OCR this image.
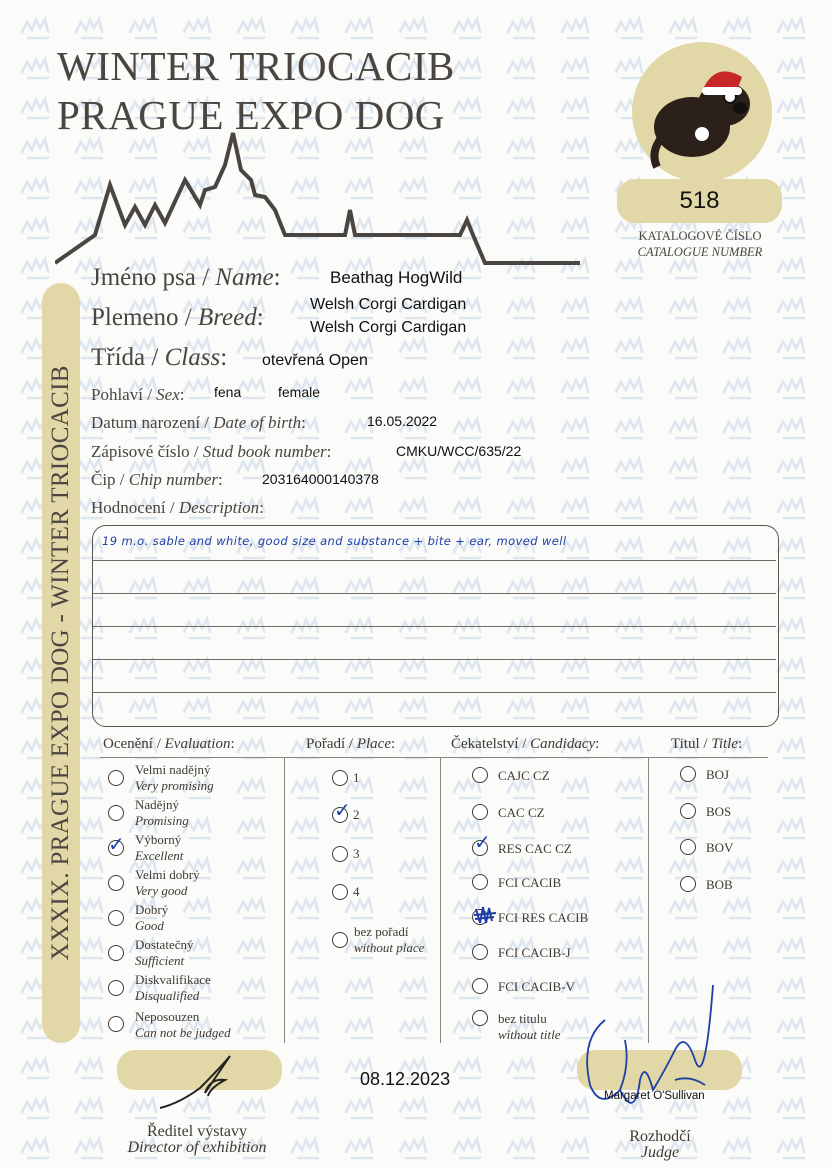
WINTER TRIOCACIB
PRAGUE EXPO DOG
518
KATALOGOVÉ ČÍSLO
CATALOGUE NUMBER
XXXIX. PRAGUE EXPO DOG - WINTER TRIOCACIB
Jméno psa / Name:	Beathag HogWild
Plemeno / Breed:	Welsh Corgi Cardigan
Welsh Corgi Cardigan
Třída / Class: otevřená Open
Pohlaví / Sex: fena	female
Datum narození / Date of birth:	16.05.2022
Zápisové číslo / Stud book number:	CMKU/WCC/635/22
Čip / Chip number:	203164000140378
Hodnocení / Description:
19 m.o. sable and white, good size and substance + bite + ear, moved well
Ocenění / Evaluation:	Pořadí / Place:	Čekatelství / Candidacy:	Titul / Title:
Velmi nadějný
Very promising
Nadějný
Promising
✓ Výborný
Excellent
Velmi dobrý
Very good
Dobrý
Good
Dostatečný
Sufficient
Diskvalifikace
Disqualified
Neposouzen
Can not be judged
1
✓ 2
3
4
bez pořadí
without place
CAJC CZ
CAC CZ
✓ RES CAC CZ
FCI CACIB
FCI RES CACIB
FCI CACIB-J
FCI CACIB-V
bez titulu
without title
BOJ
BOS
BOV
BOB
08.12.2023
Margaret O'Sullivan
Ředitel výstavy
Director of exhibition
Rozhodčí
Judge
